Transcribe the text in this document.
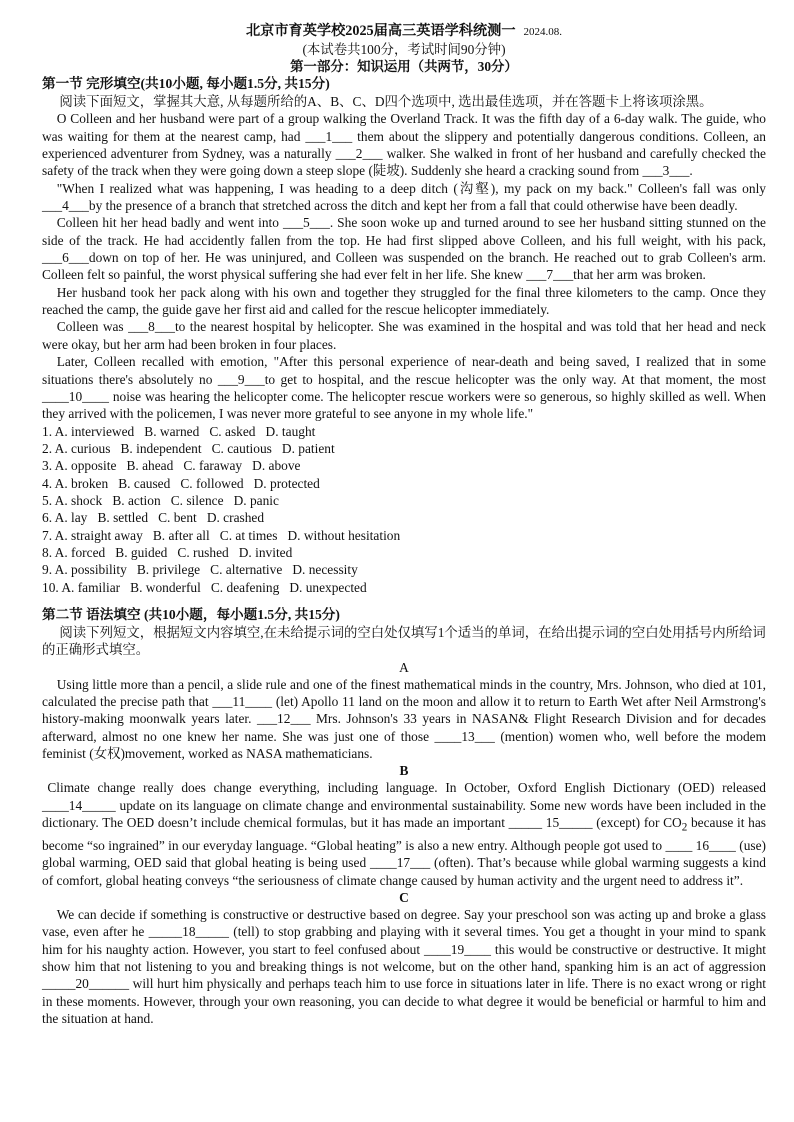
北京市育英学校2025届高三英语学科统测一 2024.08.
(本试卷共100分，考试时间90分钟)
第一部分：知识运用（共两节，30分）
第一节 完形填空(共10小题, 每小题1.5分, 共15分)
阅读下面短文，掌握其大意, 从每题所给的A、B、C、D四个选项中, 选出最佳选项，并在答题卡上将该项涂黑。

O Colleen and her husband were part of a group walking the Overland Track. It was the fifth day of a 6-day walk. The guide, who was waiting for them at the nearest camp, had ___1___ them about the slippery and potentially dangerous conditions. Colleen, an experienced adventurer from Sydney, was a naturally ___2___ walker. She walked in front of her husband and carefully checked the safety of the track when they were going down a steep slope (陡坡). Suddenly she heard a cracking sound from ___3___.

"When I realized what was happening, I was heading to a deep ditch (沟壑), my pack on my back." Colleen's fall was only ___4___by the presence of a branch that stretched across the ditch and kept her from a fall that could otherwise have been deadly.

Colleen hit her head badly and went into ___5___. She soon woke up and turned around to see her husband sitting stunned on the side of the track. He had accidently fallen from the top. He had first slipped above Colleen, and his full weight, with his pack, ___6___down on top of her. He was uninjured, and Colleen was suspended on the branch. He reached out to grab Colleen's arm. Colleen felt so painful, the worst physical suffering she had ever felt in her life. She knew ___7___that her arm was broken.

Her husband took her pack along with his own and together they struggled for the final three kilometers to the camp. Once they reached the camp, the guide gave her first aid and called for the rescue helicopter immediately.

Colleen was ___8___to the nearest hospital by helicopter. She was examined in the hospital and was told that her head and neck were okay, but her arm had been broken in four places.

Later, Colleen recalled with emotion, "After this personal experience of near-death and being saved, I realized that in some situations there's absolutely no ___9___to get to hospital, and the rescue helicopter was the only way. At that moment, the most ____10____ noise was hearing the helicopter come. The helicopter rescue workers were so generous, so highly skilled as well. When they arrived with the policemen, I was never more grateful to see anyone in my whole life."

1. A. interviewed B. warned C. asked D. taught
2. A. curious B. independent C. cautious D. patient
3. A. opposite B. ahead C. faraway D. above
4. A. broken B. caused C. followed D. protected
5. A. shock B. action C. silence D. panic
6. A. lay B. settled C. bent D. crashed
7. A. straight away B. after all C. at times D. without hesitation
8. A. forced B. guided C. rushed D. invited
9. A. possibility B. privilege C. alternative D. necessity
10. A. familiar B. wonderful C. deafening D. unexpected
第二节 语法填空 (共10小题，每小题1.5分, 共15分)
阅读下列短文，根据短文内容填空,在未给提示词的空白处仅填写1个适当的单词，在给出提示词的空白处用括号内所给词的正确形式填空。
A

Using little more than a pencil, a slide rule and one of the finest mathematical minds in the country, Mrs. Johnson, who died at 101, calculated the precise path that ___11____ (let) Apollo 11 land on the moon and allow it to return to Earth Wet after Neil Armstrong's history-making moonwalk years later. ___12___ Mrs. Johnson's 33 years in NASAN& Flight Research Division and for decades afterward, almost no one knew her name. She was just one of those ____13___ (mention) women who, well before the modem feminist (女权)movement, worked as NASA mathematicians.

B

Climate change really does change everything, including language. In October, Oxford English Dictionary (OED) released ____14_____ update on its language on climate change and environmental sustainability. Some new words have been included in the dictionary. The OED doesn’t include chemical formulas, but it has made an important _____ 15_____ (except) for $CO_2$ because it has become “so ingrained” in our everyday language. “Global heating” is also a new entry. Although people got used to ____ 16____ (use) global warming, OED said that global heating is being used ____17___ (often). That’s because while global warming suggests a kind of comfort, global heating conveys “the seriousness of climate change caused by human activity and the urgent need to address it”.

C

We can decide if something is constructive or destructive based on degree. Say your preschool son was acting up and broke a glass vase, even after he _____18_____ (tell) to stop grabbing and playing with it several times. You get a thought in your mind to spank him for his naughty action. However, you start to feel confused about ____19____ this would be constructive or destructive. It might show him that not listening to you and breaking things is not welcome, but on the other hand, spanking him is an act of aggression _____20______ will hurt him physically and perhaps teach him to use force in situations later in life. There is no exact wrong or right in these moments. However, through your own reasoning, you can decide to what degree it would be beneficial or harmful to him and the situation at hand.
